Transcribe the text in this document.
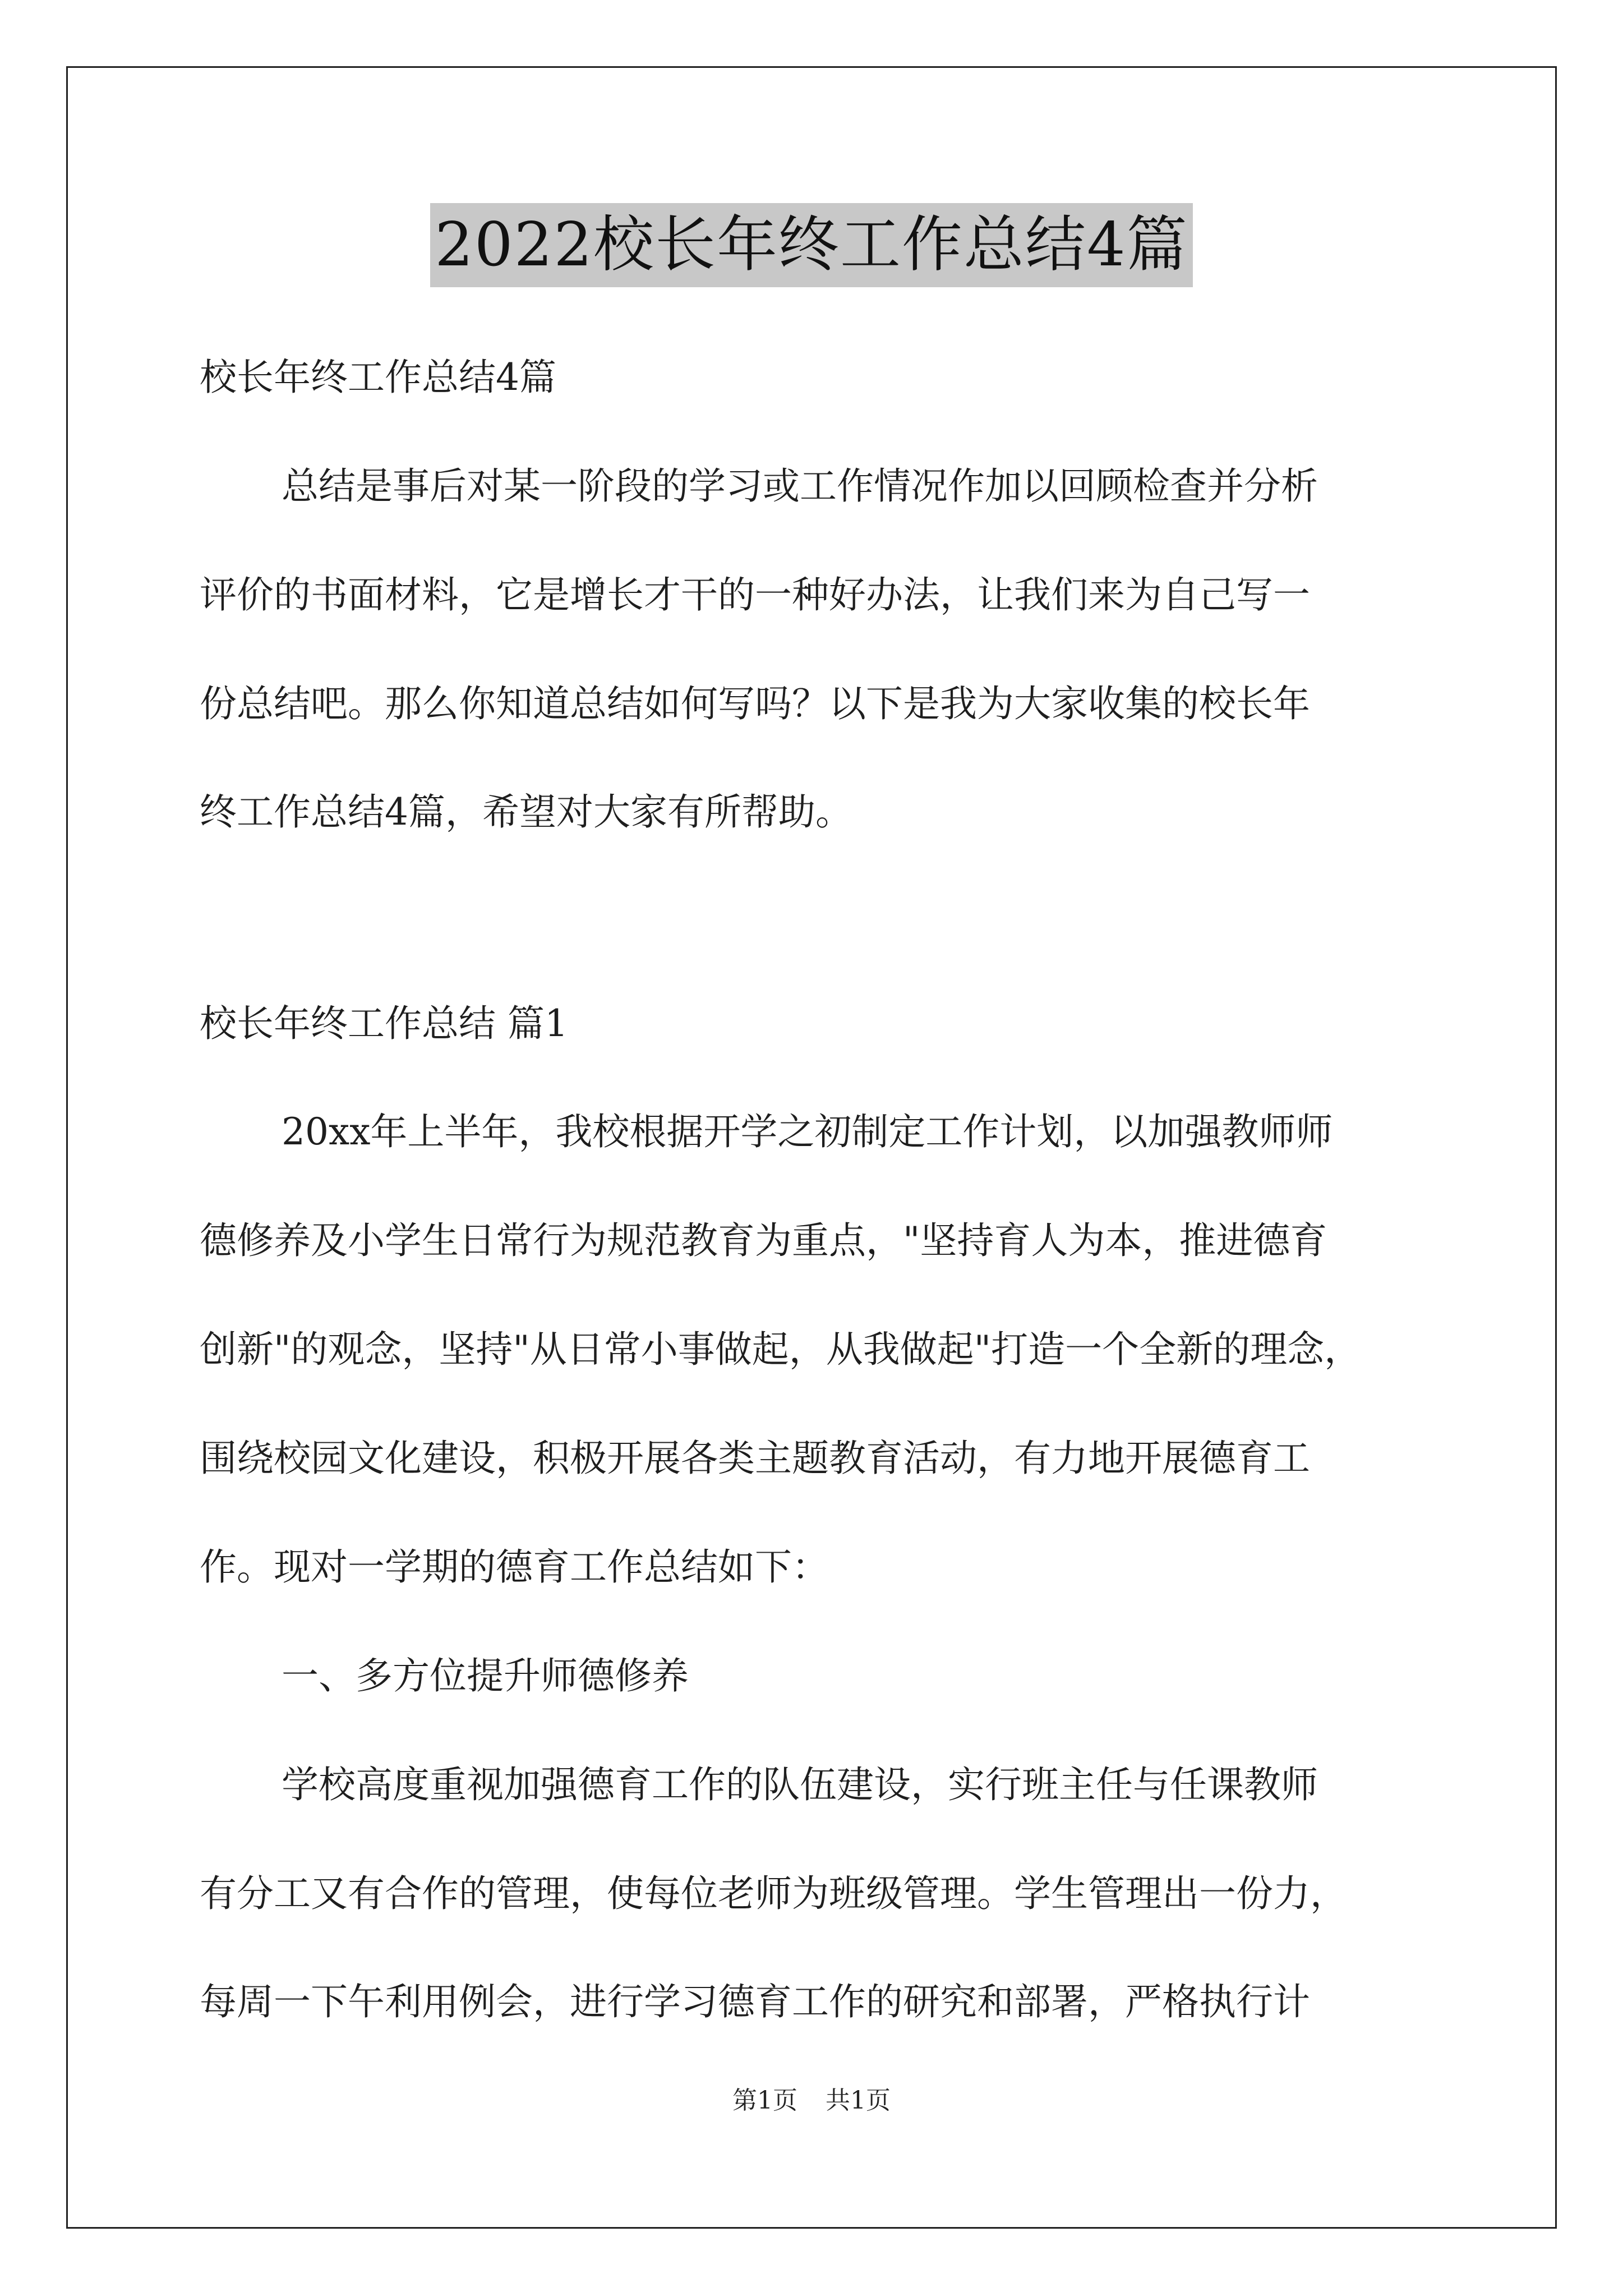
2022校长年终工作总结4篇
校长年终工作总结4篇
总结是事后对某一阶段的学习或工作情况作加以回顾检查并分析
评价的书面材料，它是增长才干的一种好办法，让我们来为自己写一
份总结吧。那么你知道总结如何写吗？以下是我为大家收集的校长年
终工作总结4篇，希望对大家有所帮助。
校长年终工作总结 篇1
20xx年上半年，我校根据开学之初制定工作计划，以加强教师师
德修养及小学生日常行为规范教育为重点，"坚持育人为本，推进德育
创新"的观念，坚持"从日常小事做起，从我做起"打造一个全新的理念，
围绕校园文化建设，积极开展各类主题教育活动，有力地开展德育工
作。现对一学期的德育工作总结如下：
一、多方位提升师德修养
学校高度重视加强德育工作的队伍建设，实行班主任与任课教师
有分工又有合作的管理，使每位老师为班级管理。学生管理出一份力，
每周一下午利用例会，进行学习德育工作的研究和部署，严格执行计
第1页 共1页
